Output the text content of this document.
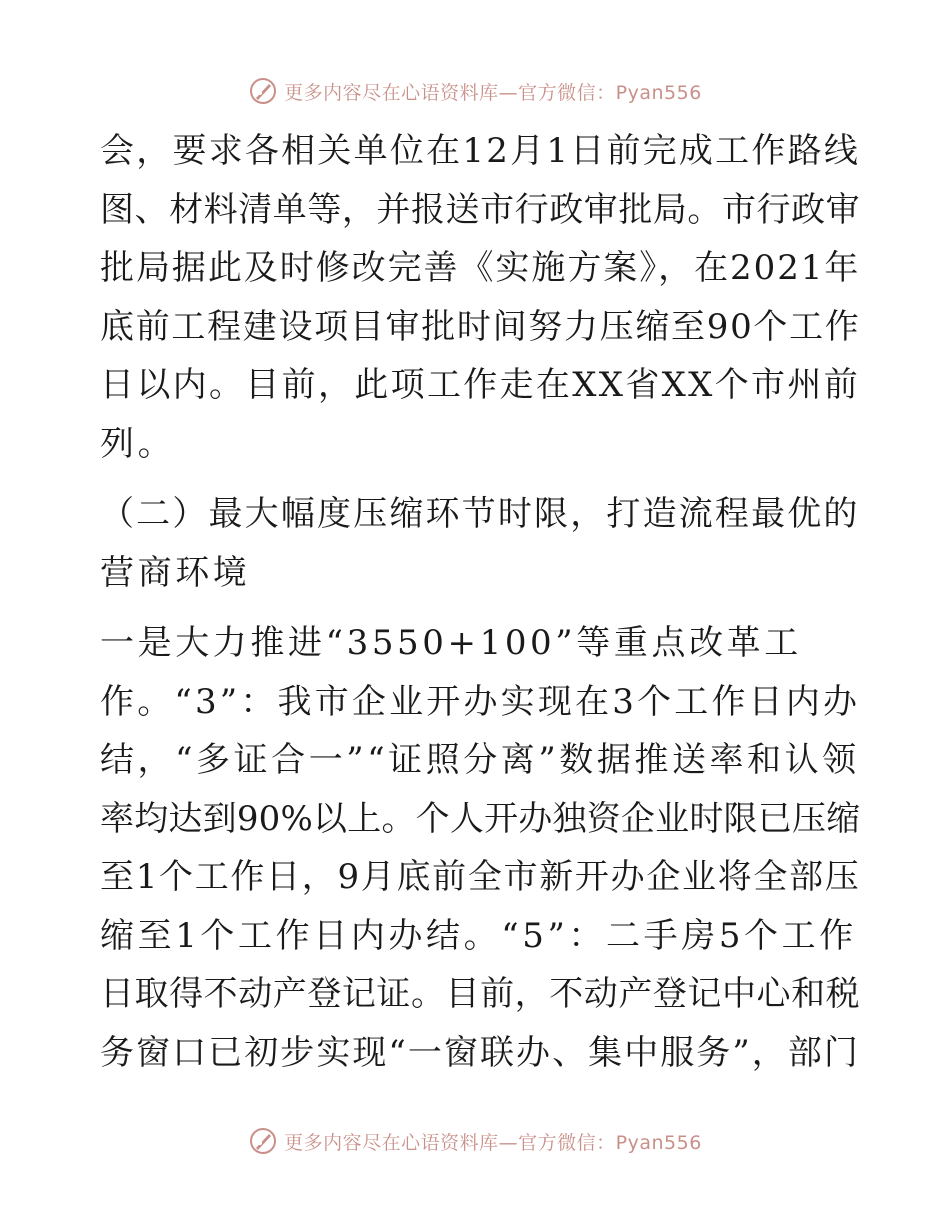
更多内容尽在心语资料库—官方微信：Pyan556
会，要求各相关单位在12月1日前完成工作路线
图、材料清单等，并报送市行政审批局。市行政审
批局据此及时修改完善《实施方案》，在2021年
底前工程建设项目审批时间努力压缩至90个工作
日以内。目前，此项工作走在XX省XX个市州前
列。
（二）最大幅度压缩环节时限，打造流程最优的
营商环境
一是大力推进“3550+100”等重点改革工
作。“3”：我市企业开办实现在3个工作日内办
结，“多证合一”“证照分离”数据推送率和认领
率均达到90%以上。个人开办独资企业时限已压缩
至1个工作日，9月底前全市新开办企业将全部压
缩至1个工作日内办结。“5”：二手房5个工作
日取得不动产登记证。目前，不动产登记中心和税
务窗口已初步实现“一窗联办、集中服务”，部门
更多内容尽在心语资料库—官方微信：Pyan556
